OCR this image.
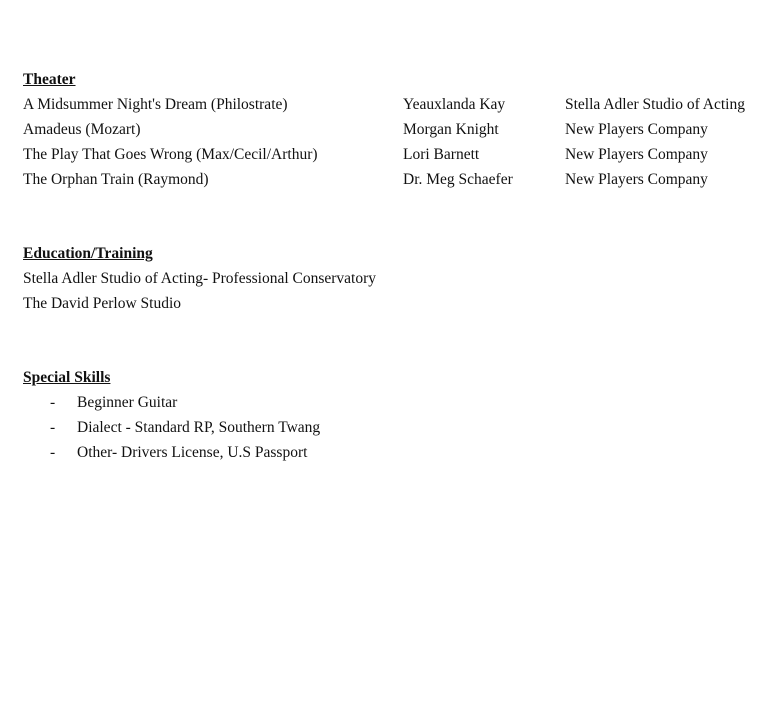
Theater
A Midsummer Night's Dream (Philostrate)	Yeauxlanda Kay	Stella Adler Studio of Acting
Amadeus (Mozart)	Morgan Knight	New Players Company
The Play That Goes Wrong (Max/Cecil/Arthur)	Lori Barnett	New Players Company
The Orphan Train (Raymond)	Dr. Meg Schaefer	New Players Company
Education/Training
Stella Adler Studio of Acting- Professional Conservatory
The David Perlow Studio
Special Skills
- Beginner Guitar
- Dialect - Standard RP, Southern Twang
- Other- Drivers License, U.S Passport
